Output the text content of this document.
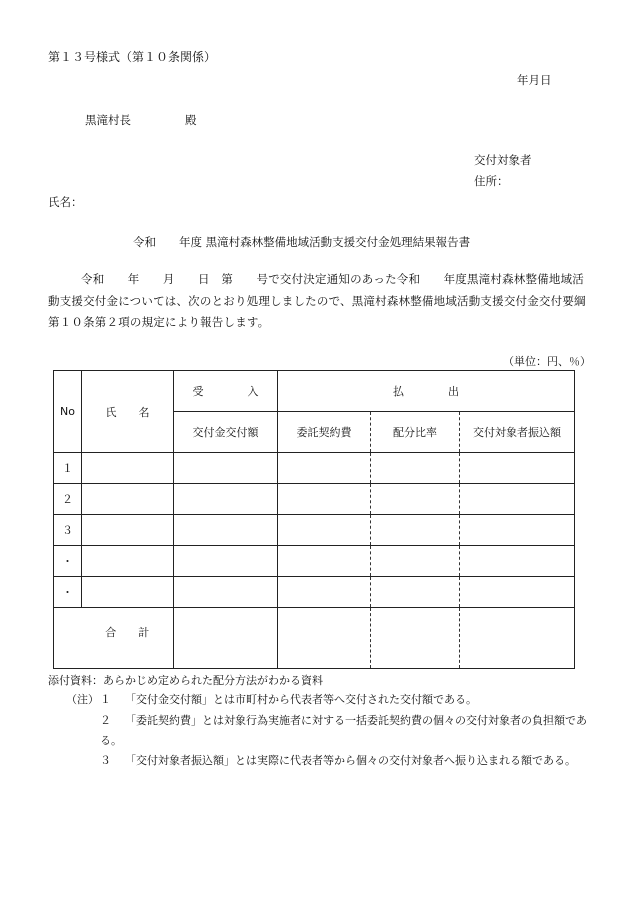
第１３号様式（第１０条関係）
年月日
黒滝村長	殿
交付対象者
住所：
氏名：
令和　　年度 黒滝村森林整備地域活動支援交付金処理結果報告書
令和　　年　　月　　日　第　　号で交付決定通知のあった令和　　年度黒滝村森林整備地域活動支援交付金については、次のとおり処理しましたので、黒滝村森林整備地域活動支援交付金交付要綱第１０条第２項の規定により報告します。
（単位：円、％）
No	氏　　名	受　　　　入	払　　　　出		
		交付金交付額	委託契約費	配分比率	交付対象者振込額
１					
２					
３					
・					
・					
	合　　計				
添付資料：あらかじめ定められた配分方法がわかる資料
（注） １ 「交付金交付額」とは市町村から代表者等へ交付された交付額である。
２	「委託契約費」とは対象行為実施者に対する一括委託契約費の個々の交付対象者の負担額である。
３	「交付対象者振込額」とは実際に代表者等から個々の交付対象者へ振り込まれる額である。
